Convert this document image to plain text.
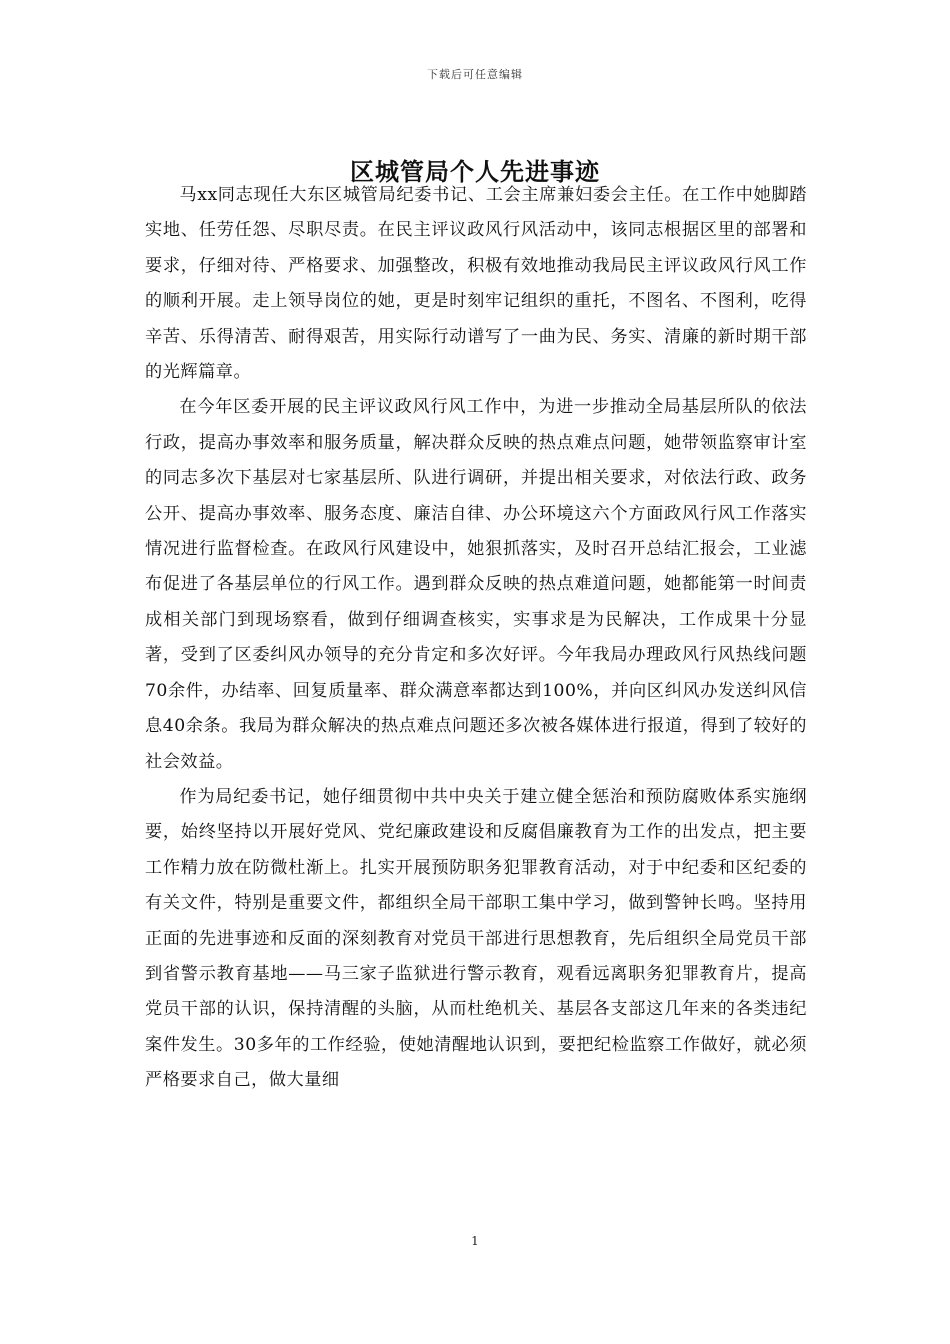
下载后可任意编辑
区城管局个人先进事迹

马xx同志现任大东区城管局纪委书记、工会主席兼妇委会主任。在工作中她脚踏实地、任劳任怨、尽职尽责。在民主评议政风行风活动中，该同志根据区里的部署和要求，仔细对待、严格要求、加强整改，积极有效地推动我局民主评议政风行风工作的顺利开展。走上领导岗位的她，更是时刻牢记组织的重托，不图名、不图利，吃得辛苦、乐得清苦、耐得艰苦，用实际行动谱写了一曲为民、务实、清廉的新时期干部的光辉篇章。

在今年区委开展的民主评议政风行风工作中，为进一步推动全局基层所队的依法行政，提高办事效率和服务质量，解决群众反映的热点难点问题，她带领监察审计室的同志多次下基层对七家基层所、队进行调研，并提出相关要求，对依法行政、政务公开、提高办事效率、服务态度、廉洁自律、办公环境这六个方面政风行风工作落实情况进行监督检查。在政风行风建设中，她狠抓落实，及时召开总结汇报会，工业滤布促进了各基层单位的行风工作。遇到群众反映的热点难道问题，她都能第一时间责成相关部门到现场察看，做到仔细调查核实，实事求是为民解决，工作成果十分显著，受到了区委纠风办领导的充分肯定和多次好评。今年我局办理政风行风热线问题70余件，办结率、回复质量率、群众满意率都达到100%，并向区纠风办发送纠风信息40余条。我局为群众解决的热点难点问题还多次被各媒体进行报道，得到了较好的社会效益。

作为局纪委书记，她仔细贯彻中共中央关于建立健全惩治和预防腐败体系实施纲要，始终坚持以开展好党风、党纪廉政建设和反腐倡廉教育为工作的出发点，把主要工作精力放在防微杜渐上。扎实开展预防职务犯罪教育活动，对于中纪委和区纪委的有关文件，特别是重要文件，都组织全局干部职工集中学习，做到警钟长鸣。坚持用正面的先进事迹和反面的深刻教育对党员干部进行思想教育，先后组织全局党员干部到省警示教育基地——马三家子监狱进行警示教育，观看远离职务犯罪教育片，提高党员干部的认识，保持清醒的头脑，从而杜绝机关、基层各支部这几年来的各类违纪案件发生。30多年的工作经验，使她清醒地认识到，要把纪检监察工作做好，就必须严格要求自己，做大量细

1
